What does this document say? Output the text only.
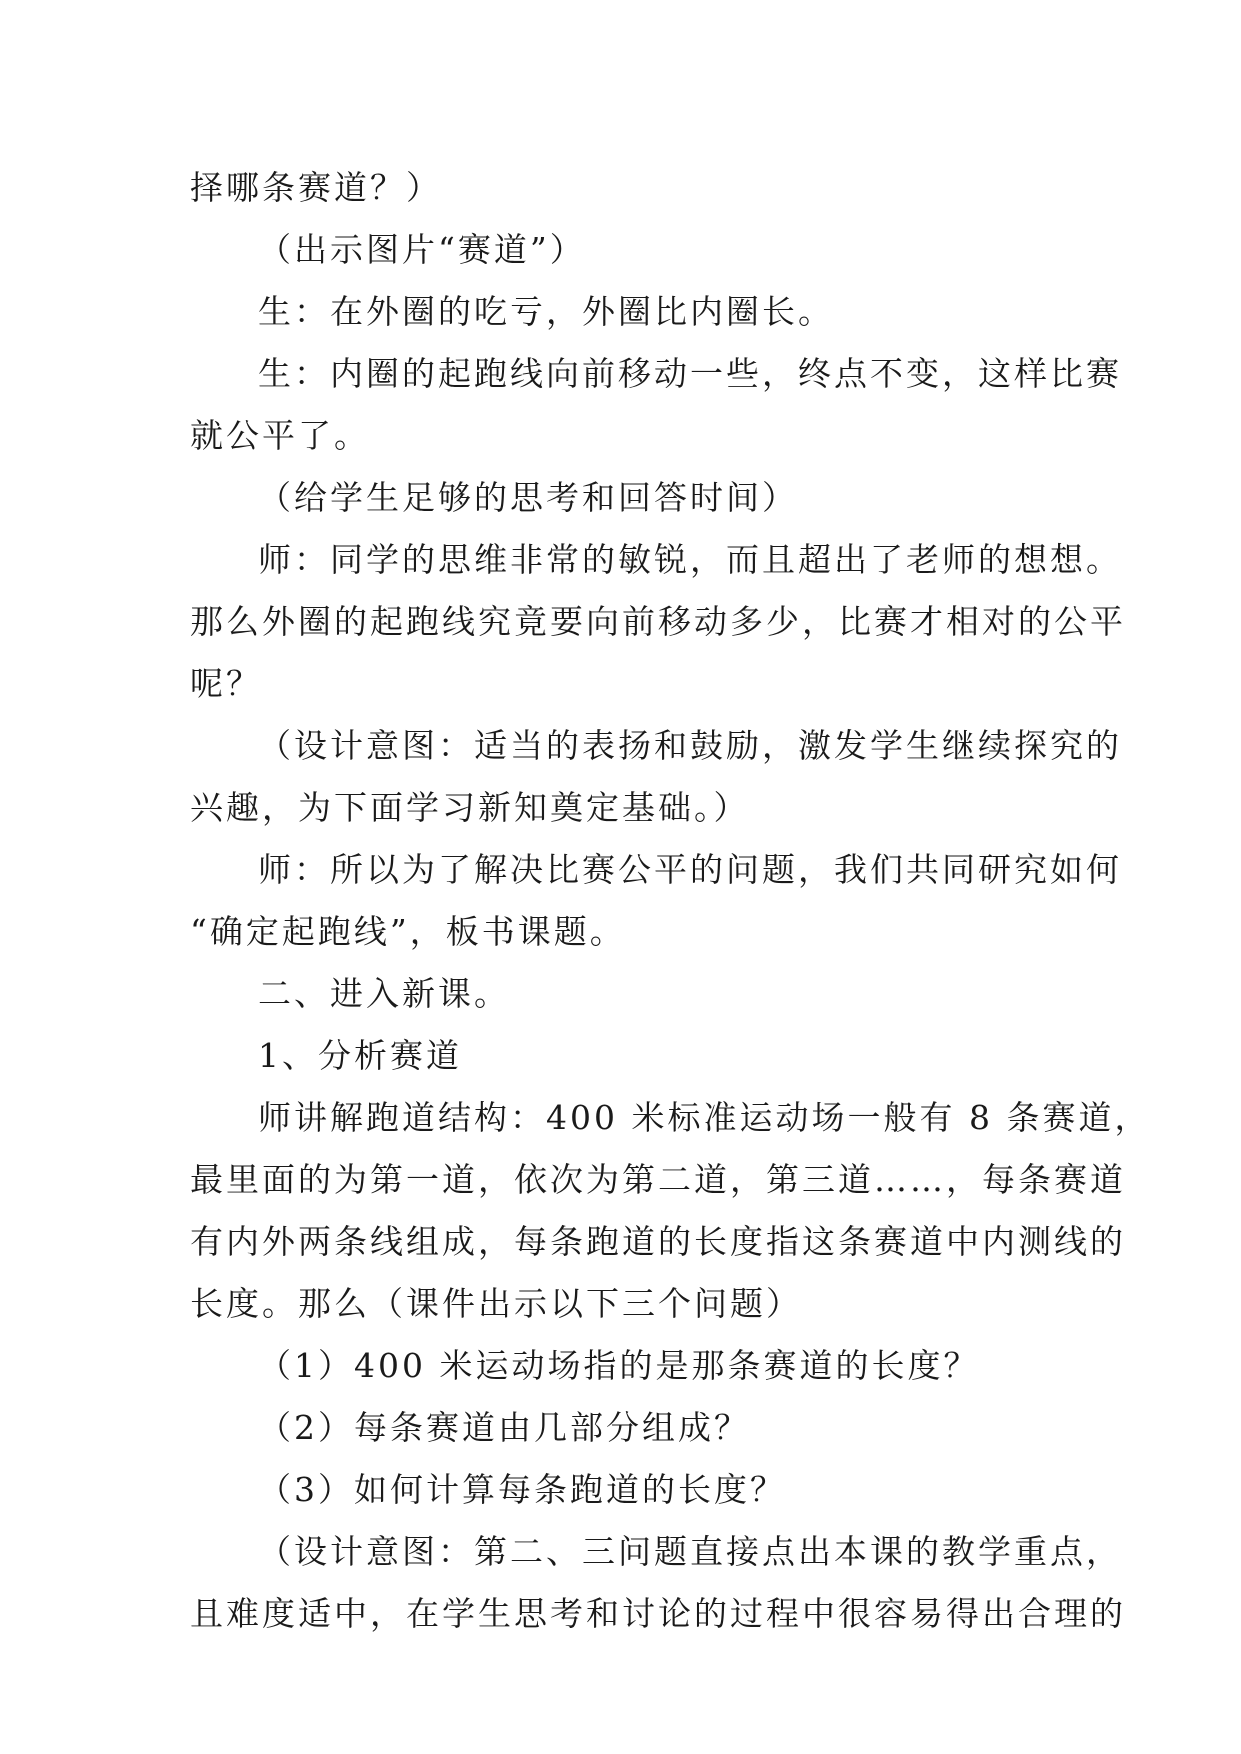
择哪条赛道？）
（出示图片“赛道”）
生：在外圈的吃亏，外圈比内圈长。
生：内圈的起跑线向前移动一些，终点不变，这样比赛
就公平了。
（给学生足够的思考和回答时间）
师：同学的思维非常的敏锐，而且超出了老师的想想。
那么外圈的起跑线究竟要向前移动多少，比赛才相对的公平
呢？
（设计意图：适当的表扬和鼓励，激发学生继续探究的
兴趣，为下面学习新知奠定基础。）
师：所以为了解决比赛公平的问题，我们共同研究如何
“确定起跑线”，板书课题。
二、进入新课。
1、分析赛道
师讲解跑道结构：400 米标准运动场一般有 8 条赛道，
最里面的为第一道，依次为第二道，第三道……，每条赛道
有内外两条线组成，每条跑道的长度指这条赛道中内测线的
长度。那么（课件出示以下三个问题）
（1）400 米运动场指的是那条赛道的长度？
（2）每条赛道由几部分组成？
（3）如何计算每条跑道的长度？
（设计意图：第二、三问题直接点出本课的教学重点，
且难度适中，在学生思考和讨论的过程中很容易得出合理的
